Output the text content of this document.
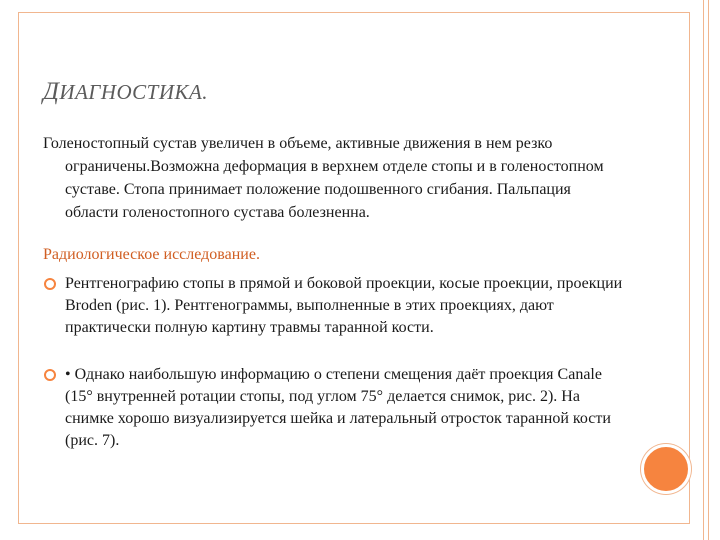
ДИАГНОСТИКА.
Голеностопный сустав увеличен в объеме, активные движения в нем резко ограничены.Возможна деформация в верхнем отделе стопы и в голеностопном суставе. Стопа принимает положение подошвенного сгибания. Пальпация области голеностопного сустава болезненна.
Радиологическое исследование.
Рентгенографию стопы в прямой и боковой проекции, косые проекции, проекции Broden (рис. 1). Рентгенограммы, выполненные в этих проекциях, дают практически полную картину травмы таранной кости.
• Однако наибольшую информацию о степени смещения даёт проекция Canale (15° внутренней ротации стопы, под углом 75° делается снимок, рис. 2). На снимке хорошо визуализируется шейка и латеральный отросток таранной кости (рис. 7).
